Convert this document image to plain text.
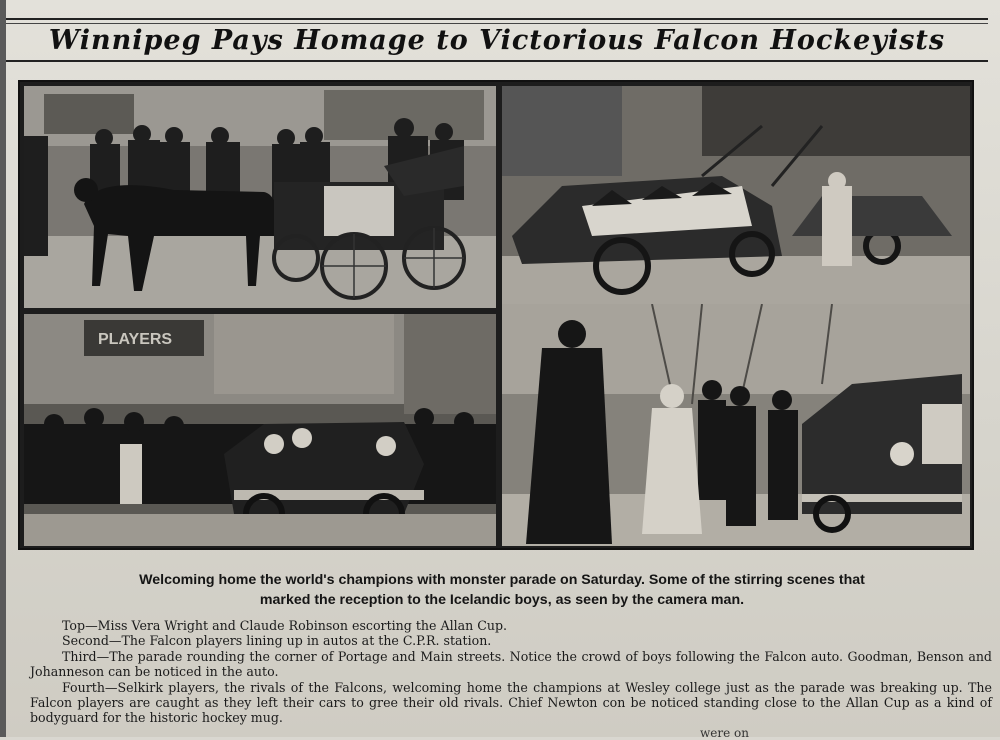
Winnipeg Pays Homage to Victorious Falcon Hockeyists
PLAYERS
Welcoming home the world's champions with monster parade on Saturday. Some of the stirring scenes that
marked the reception to the Icelandic boys, as seen by the camera man.

Top—Miss Vera Wright and Claude Robinson escorting the Allan Cup.

Second—The Falcon players lining up in autos at the C.P.R. station.

Third—The parade rounding the corner of Portage and Main streets. Notice the crowd of boys following the Falcon auto. Goodman, Benson and Johanneson can be noticed in the auto.

Fourth—Selkirk players, the rivals of the Falcons, welcoming home the champions at Wesley college just as the parade was breaking up. The Falcon players are caught as they left their cars to gree their old rivals. Chief Newton con be noticed standing close to the Allan Cup as a kind of bodyguard for the historic hockey mug.

were on
